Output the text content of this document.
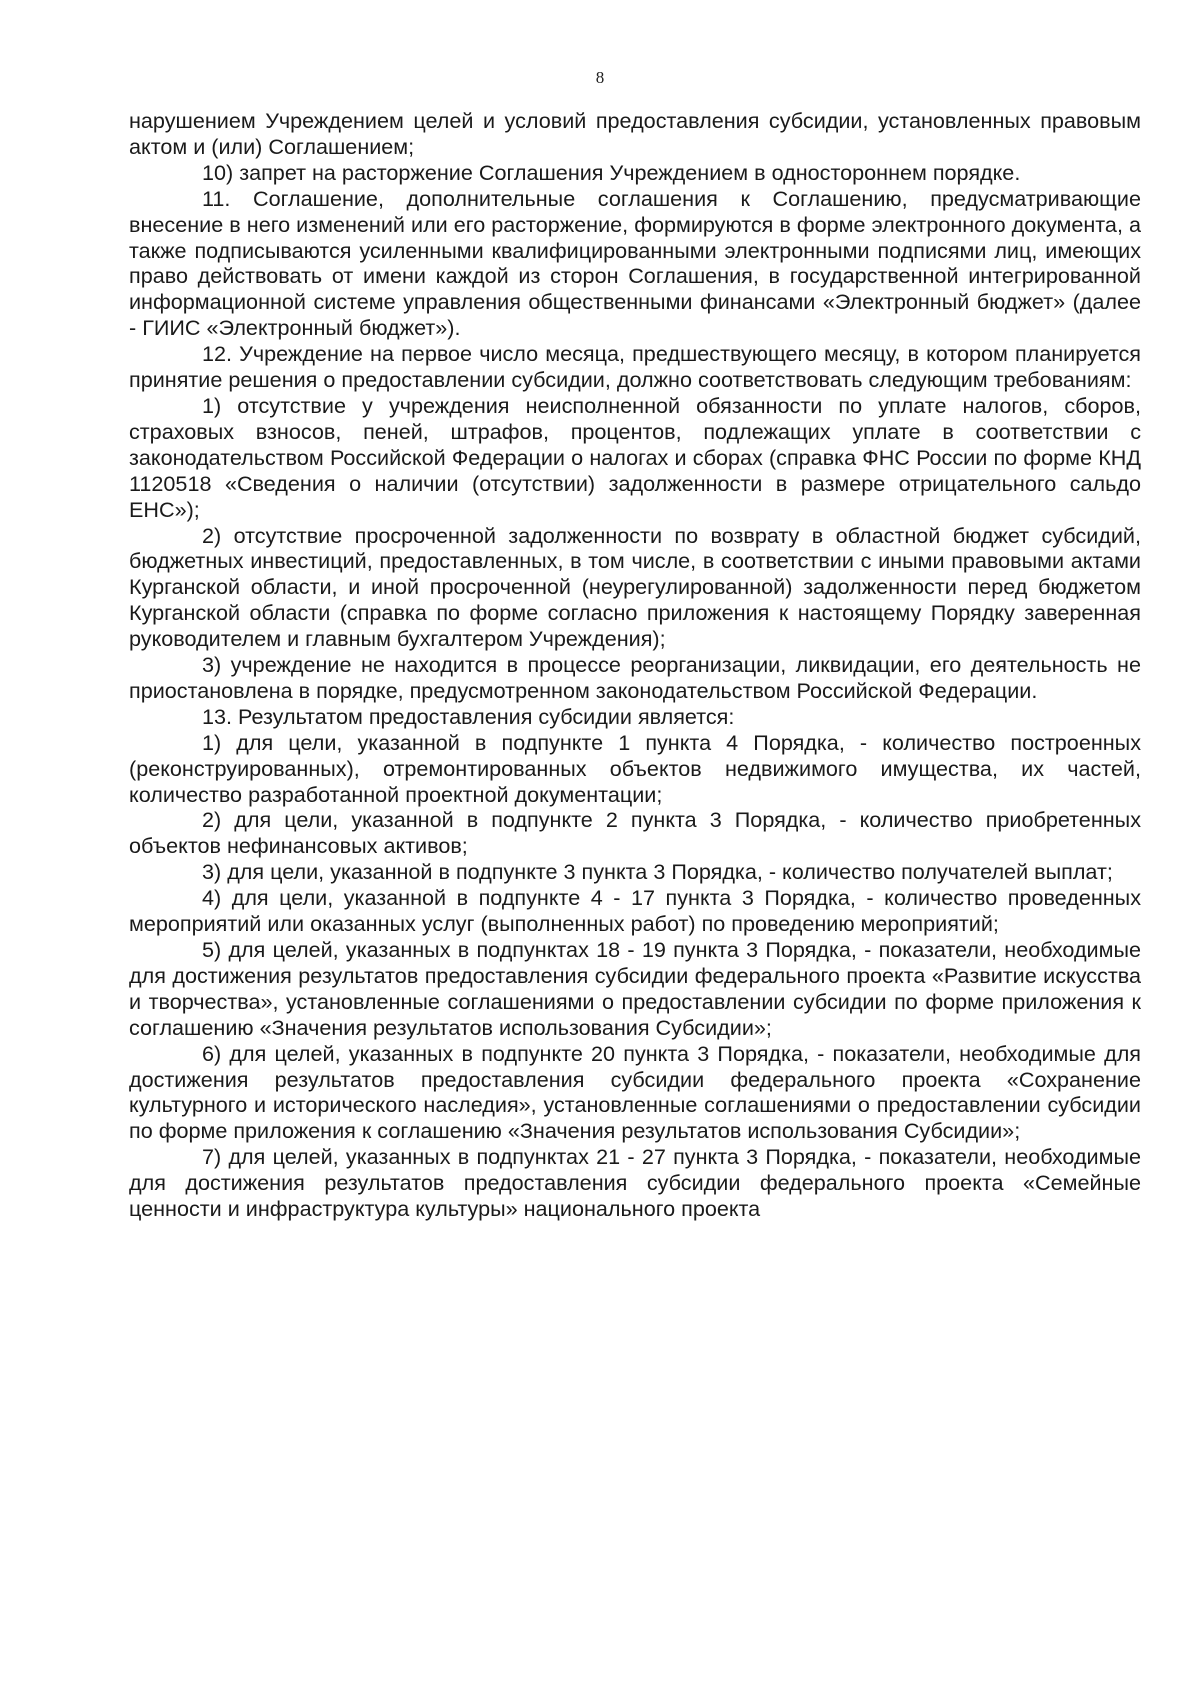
8

нарушением Учреждением целей и условий предоставления субсидии, установленных правовым актом и (или) Соглашением;

10) запрет на расторжение Соглашения Учреждением в одностороннем порядке.

11. Соглашение, дополнительные соглашения к Соглашению, предусматривающие внесение в него изменений или его расторжение, формируются в форме электронного документа, а также подписываются усиленными квалифицированными электронными подписями лиц, имеющих право действовать от имени каждой из сторон Соглашения, в государственной интегрированной информационной системе управления общественными финансами «Электронный бюджет» (далее - ГИИС «Электронный бюджет»).

12. Учреждение на первое число месяца, предшествующего месяцу, в котором планируется принятие решения о предоставлении субсидии, должно соответствовать следующим требованиям:

1) отсутствие у учреждения неисполненной обязанности по уплате налогов, сборов, страховых взносов, пеней, штрафов, процентов, подлежащих уплате в соответствии с законодательством Российской Федерации о налогах и сборах (справка ФНС России по форме КНД 1120518 «Сведения о наличии (отсутствии) задолженности в размере отрицательного сальдо ЕНС»);

2) отсутствие просроченной задолженности по возврату в областной бюджет субсидий, бюджетных инвестиций, предоставленных, в том числе, в соответствии с иными правовыми актами Курганской области, и иной просроченной (неурегулированной) задолженности перед бюджетом Курганской области (справка по форме согласно приложения к настоящему Порядку заверенная руководителем и главным бухгалтером Учреждения);

3) учреждение не находится в процессе реорганизации, ликвидации, его деятельность не приостановлена в порядке, предусмотренном законодательством Российской Федерации.

13. Результатом предоставления субсидии является:

1) для цели, указанной в подпункте 1 пункта 4 Порядка, - количество построенных (реконструированных), отремонтированных объектов недвижимого имущества, их частей, количество разработанной проектной документации;

2) для цели, указанной в подпункте 2 пункта 3 Порядка, - количество приобретенных объектов нефинансовых активов;

3) для цели, указанной в подпункте 3 пункта 3 Порядка, - количество получателей выплат;

4) для цели, указанной в подпункте 4 - 17 пункта 3 Порядка, - количество проведенных мероприятий или оказанных услуг (выполненных работ) по проведению мероприятий;

5) для целей, указанных в подпунктах 18 - 19 пункта 3 Порядка, - показатели, необходимые для достижения результатов предоставления субсидии федерального проекта «Развитие искусства и творчества», установленные соглашениями о предоставлении субсидии по форме приложения к соглашению «Значения результатов использования Субсидии»;

6) для целей, указанных в подпункте 20 пункта 3 Порядка, - показатели, необходимые для достижения результатов предоставления субсидии федерального проекта «Сохранение культурного и исторического наследия», установленные соглашениями о предоставлении субсидии по форме приложения к соглашению «Значения результатов использования Субсидии»;

7) для целей, указанных в подпунктах 21 - 27 пункта 3 Порядка, - показатели, необходимые для достижения результатов предоставления субсидии федерального проекта «Семейные ценности и инфраструктура культуры» национального проекта
